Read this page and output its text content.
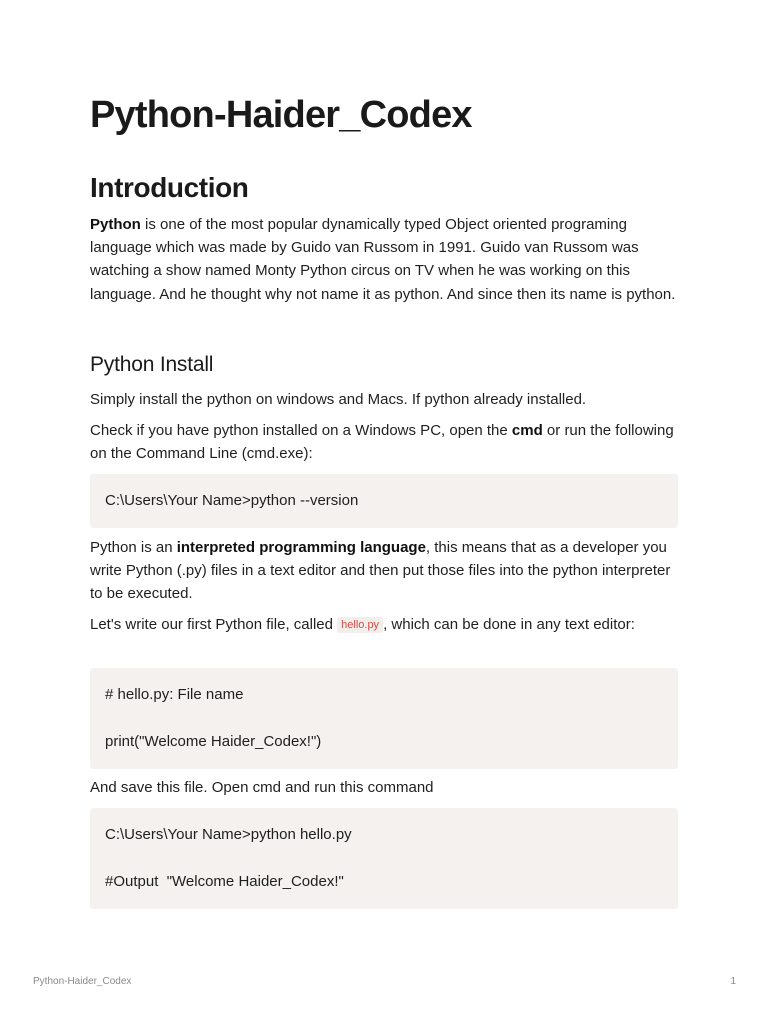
Python-Haider_Codex
Introduction

Python is one of the most popular dynamically typed Object oriented programing language which was made by Guido van Russom in 1991. Guido van Russom was watching a show named Monty Python circus on TV when he was working on this language. And he thought why not name it as python. And since then its name is python.

Python Install

Simply install the python on windows and Macs. If python already installed.

Check if you have python installed on a Windows PC, open the cmd or run the following on the Command Line (cmd.exe):

C:\Users\Your Name>python --version

Python is an interpreted programming language, this means that as a developer you write Python (.py) files in a text editor and then put those files into the python interpreter to be executed.

Let's write our first Python file, called hello.py , which can be done in any text editor:

# hello.py: File name
print("Welcome Haider_Codex!")

And save this file. Open cmd and run this command

C:\Users\Your Name>python hello.py
#Output  "Welcome Haider_Codex!"
Python-Haider_Codex	1
